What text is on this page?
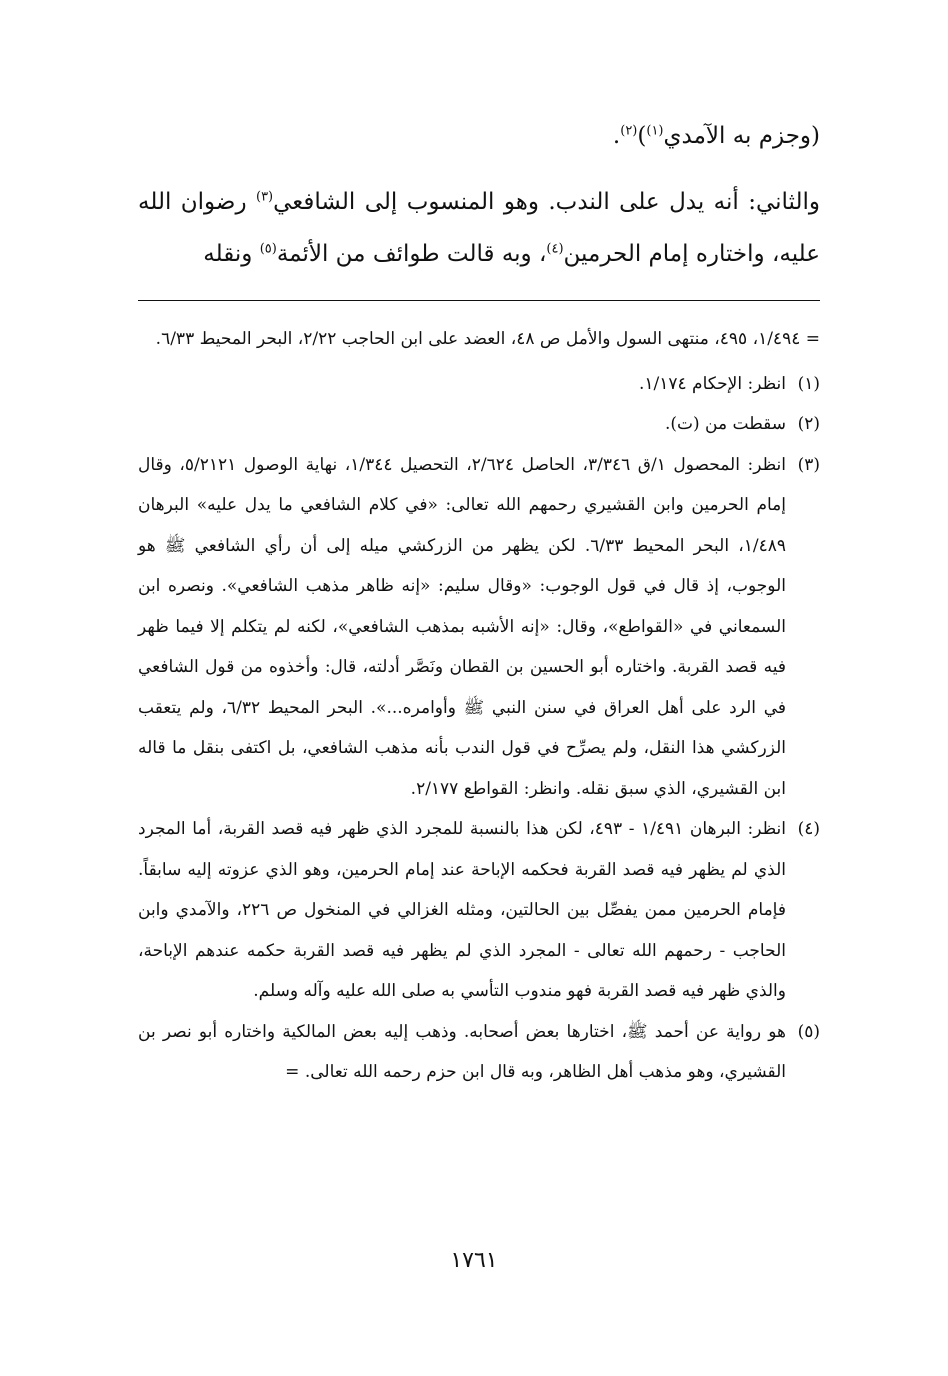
(وجزم به الآمدي$^{(١)}$)$^{(٢)}$.

والثاني: أنه يدل على الندب. وهو المنسوب إلى الشافعي$^{(٣)}$ رضوان الله عليه، واختاره إمام الحرمين$^{(٤)}$، وبه قالت طوائف من الأئمة$^{(٥)}$ ونقله

= ١/٤٩٤، ٤٩٥، منتهى السول والأمل ص ٤٨، العضد على ابن الحاجب ٢/٢٢، البحر المحيط ٦/٣٣.
(١)
انظر: الإحكام ١/١٧٤.
(٢)
سقطت من (ت).
(٣)
انظر: المحصول ١/ق ٣/٣٤٦، الحاصل ٢/٦٢٤، التحصيل ١/٣٤٤، نهاية الوصول ٥/٢١٢١، وقال إمام الحرمين وابن القشيري رحمهم الله تعالى: «في كلام الشافعي ما يدل عليه» البرهان ١/٤٨٩، البحر المحيط ٦/٣٣. لكن يظهر من الزركشي ميله إلى أن رأي الشافعي ﷺ هو الوجوب، إذ قال في قول الوجوب: «وقال سليم: «إنه ظاهر مذهب الشافعي». ونصره ابن السمعاني في «القواطع»، وقال: «إنه الأشبه بمذهب الشافعي»، لكنه لم يتكلم إلا فيما ظهر فيه قصد القربة. واختاره أبو الحسين بن القطان ونَصَّر أدلته، قال: وأخذوه من قول الشافعي في الرد على أهل العراق في سنن النبي ﷺ وأوامره...». البحر المحيط ٦/٣٢، ولم يتعقب الزركشي هذا النقل، ولم يصرِّح في قول الندب بأنه مذهب الشافعي، بل اكتفى بنقل ما قاله ابن القشيري، الذي سبق نقله. وانظر: القواطع ٢/١٧٧.
(٤)
انظر: البرهان ١/٤٩١ - ٤٩٣، لكن هذا بالنسبة للمجرد الذي ظهر فيه قصد القربة، أما المجرد الذي لم يظهر فيه قصد القربة فحكمه الإباحة عند إمام الحرمين، وهو الذي عزوته إليه سابقاً. فإمام الحرمين ممن يفصِّل بين الحالتين، ومثله الغزالي في المنخول ص ٢٢٦، والآمدي وابن الحاجب - رحمهم الله تعالى - المجرد الذي لم يظهر فيه قصد القربة حكمه عندهم الإباحة، والذي ظهر فيه قصد القربة فهو مندوب التأسي به صلى الله عليه وآله وسلم.
(٥)
هو رواية عن أحمد ﷺ، اختارها بعض أصحابه. وذهب إليه بعض المالكية واختاره أبو نصر بن القشيري، وهو مذهب أهل الظاهر، وبه قال ابن حزم رحمه الله تعالى. =
١٧٦١
